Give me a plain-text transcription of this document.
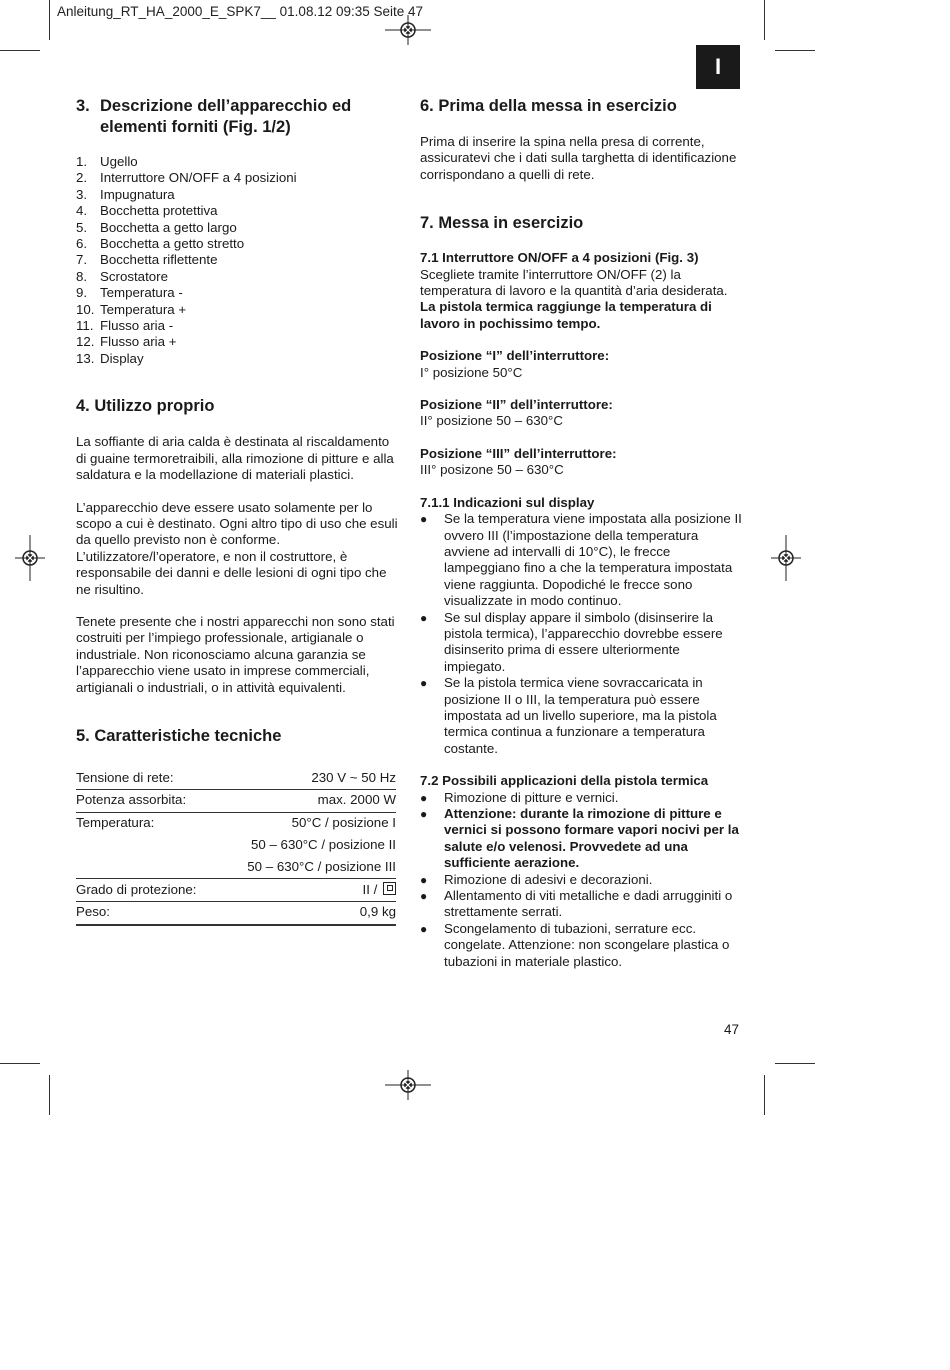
Anleitung_RT_HA_2000_E_SPK7__ 01.08.12 09:35 Seite 47
I
3. Descrizione dell’apparecchio ed
elementi forniti (Fig. 1/2)
1. Ugello
2. Interruttore ON/OFF a 4 posizioni
3. Impugnatura
4. Bocchetta protettiva
5. Bocchetta a getto largo
6. Bocchetta a getto stretto
7. Bocchetta riflettente
8. Scrostatore
9. Temperatura -
10. Temperatura +
11. Flusso aria -
12. Flusso aria +
13. Display
4. Utilizzo proprio

La soffiante di aria calda è destinata al riscaldamento di guaine termoretraibili, alla rimozione di pitture e alla saldatura e la modellazione di materiali plastici.

L’apparecchio deve essere usato solamente per lo scopo a cui è destinato. Ogni altro tipo di uso che esuli da quello previsto non è conforme. L’utilizzatore/l’operatore, e non il costruttore, è responsabile dei danni e delle lesioni di ogni tipo che ne risultino.

Tenete presente che i nostri apparecchi non sono stati costruiti per l’impiego professionale, artigianale o industriale. Non riconosciamo alcuna garanzia se l’apparecchio viene usato in imprese commerciali, artigianali o industriali, o in attività equivalenti.

5. Caratteristiche tecniche
Tensione di rete:	230 V ~ 50 Hz
Potenza assorbita:	max. 2000 W
Temperatura:	50°C / posizione I
	50 – 630°C / posizione II
	50 – 630°C / posizione III
Grado di protezione:	II /
Peso:	0,9 kg
6. Prima della messa in esercizio

Prima di inserire la spina nella presa di corrente, assicuratevi che i dati sulla targhetta di identificazione corrispondano a quelli di rete.

7. Messa in esercizio

7.1 Interruttore ON/OFF a 4 posizioni (Fig. 3)

Scegliete tramite l’interruttore ON/OFF (2) la temperatura di lavoro e la quantità d’aria desiderata.

La pistola termica raggiunge la temperatura di lavoro in pochissimo tempo.

Posizione “I” dell’interruttore:

I° posizione 50°C

Posizione “II” dell’interruttore:

II° posizione 50 – 630°C

Posizione “III” dell’interruttore:

III° posizone 50 – 630°C

7.1.1 Indicazioni sul display

●	Se la temperatura viene impostata alla posizione II ovvero III (l’impostazione della temperatura avviene ad intervalli di 10°C), le frecce lampeggiano fino a che la temperatura impostata viene raggiunta. Dopodiché le frecce sono visualizzate in modo continuo.
●	Se sul display appare il simbolo (disinserire la pistola termica), l’apparecchio dovrebbe essere disinserito prima di essere ulteriormente impiegato.
●	Se la pistola termica viene sovraccaricata in posizione II o III, la temperatura può essere impostata ad un livello superiore, ma la pistola termica continua a funzionare a temperatura costante.

7.2 Possibili applicazioni della pistola termica

●	Rimozione di pitture e vernici.
●	Attenzione: durante la rimozione di pitture e vernici si possono formare vapori nocivi per la salute e/o velenosi. Provvedete ad una sufficiente aerazione.
●	Rimozione di adesivi e decorazioni.
●	Allentamento di viti metalliche e dadi arrugginiti o strettamente serrati.
●	Scongelamento di tubazioni, serrature ecc. congelate. Attenzione: non scongelare plastica o tubazioni in materiale plastico.
47
